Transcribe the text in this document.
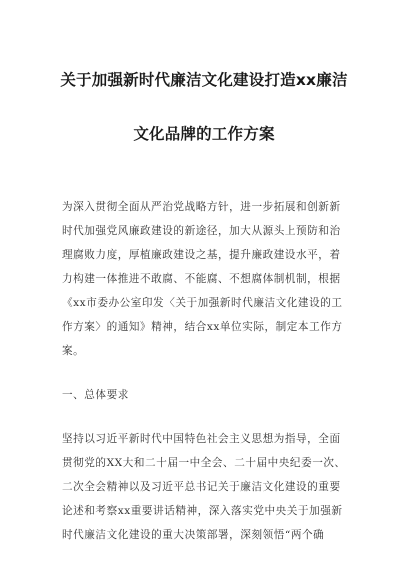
关于加强新时代廉洁文化建设打造xx廉洁
文化品牌的工作方案
为深入贯彻全面从严治党战略方针，进一步拓展和创新新
时代加强党风廉政建设的新途径，加大从源头上预防和治
理腐败力度，厚植廉政建设之基，提升廉政建设水平，着
力构建一体推进不敢腐、不能腐、不想腐体制机制，根据
《xx市委办公室印发〈关于加强新时代廉洁文化建设的工
作方案〉的通知》精神，结合xx单位实际，制定本工作方
案。
一、总体要求
坚持以习近平新时代中国特色社会主义思想为指导，全面
贯彻党的XX大和二十届一中全会、二十届中央纪委一次、
二次全会精神以及习近平总书记关于廉洁文化建设的重要
论述和考察xx重要讲话精神，深入落实党中央关于加强新
时代廉洁文化建设的重大决策部署，深刻领悟“两个确
